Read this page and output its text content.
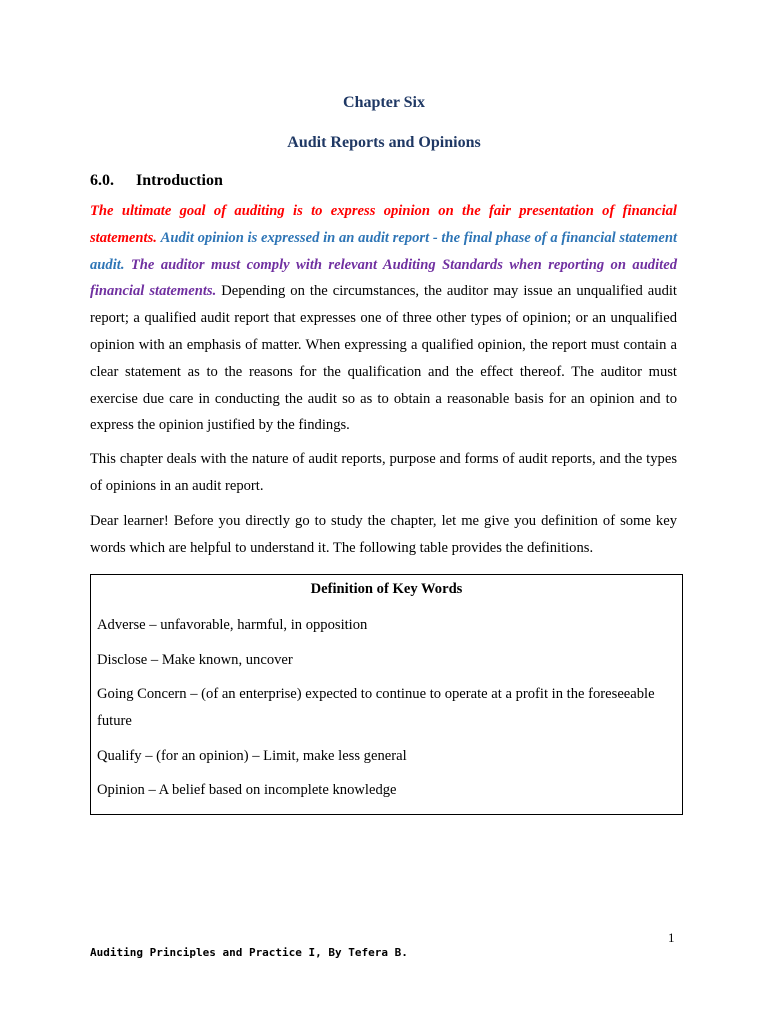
Chapter Six
Audit Reports and Opinions
6.0. Introduction

The ultimate goal of auditing is to express opinion on the fair presentation of financial statements. Audit opinion is expressed in an audit report - the final phase of a financial statement audit. The auditor must comply with relevant Auditing Standards when reporting on audited financial statements. Depending on the circumstances, the auditor may issue an unqualified audit report; a qualified audit report that expresses one of three other types of opinion; or an unqualified opinion with an emphasis of matter. When expressing a qualified opinion, the report must contain a clear statement as to the reasons for the qualification and the effect thereof. The auditor must exercise due care in conducting the audit so as to obtain a reasonable basis for an opinion and to express the opinion justified by the findings.

This chapter deals with the nature of audit reports, purpose and forms of audit reports, and the types of opinions in an audit report.

Dear learner! Before you directly go to study the chapter, let me give you definition of some key words which are helpful to understand it. The following table provides the definitions.

Definition of Key Words

Adverse – unfavorable, harmful, in opposition

Disclose – Make known, uncover

Going Concern – (of an enterprise) expected to continue to operate at a profit in the foreseeable future

Qualify – (for an opinion) – Limit, make less general

Opinion – A belief based on incomplete knowledge

1
Auditing Principles and Practice I, By Tefera B.
